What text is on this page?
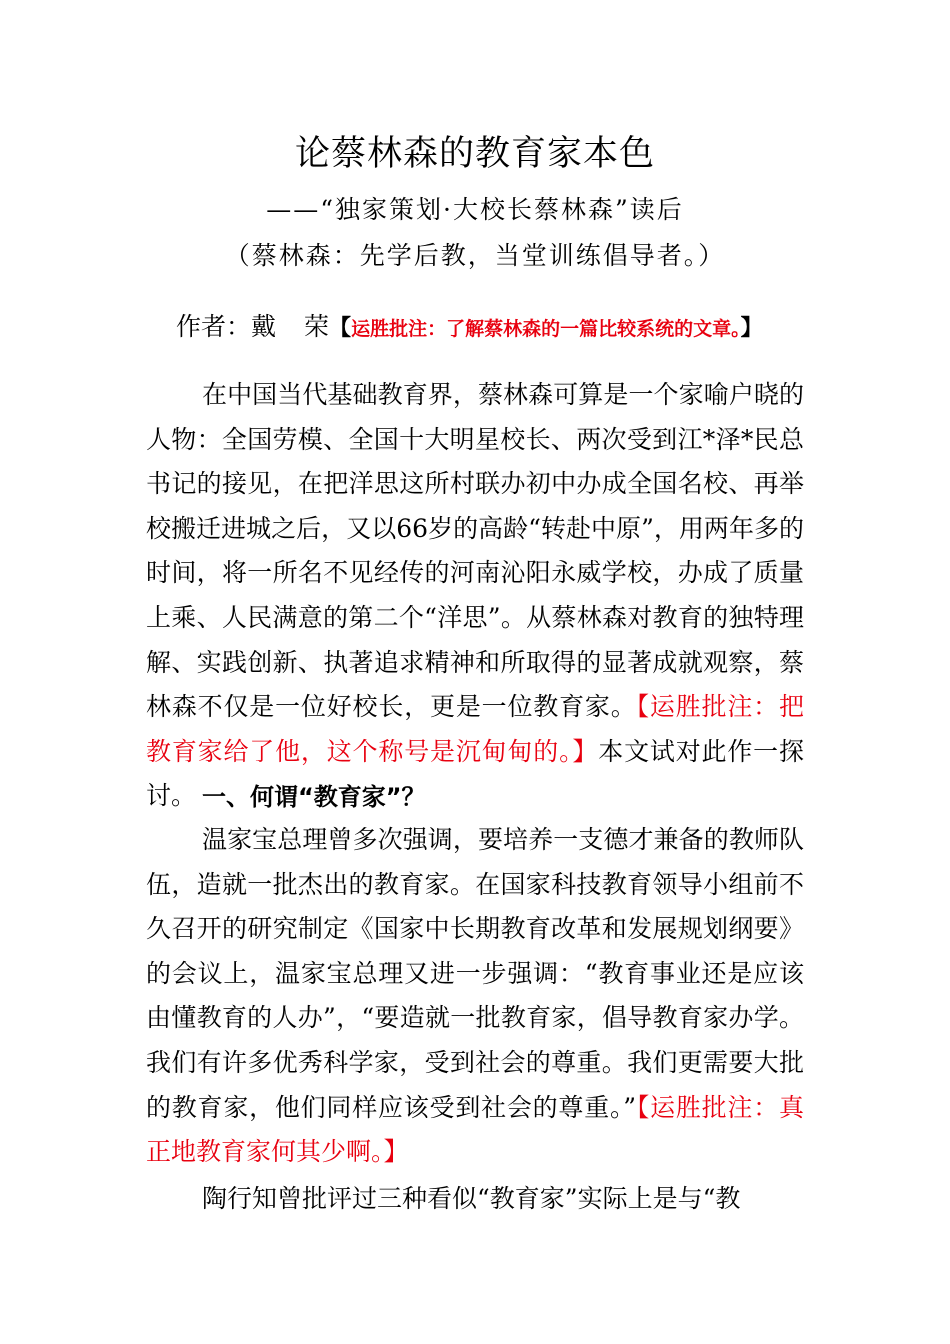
论蔡林森的教育家本色
——“独家策划·大校长蔡林森”读后
（蔡林森：先学后教，当堂训练倡导者。）
作者：戴 荣【运胜批注：了解蔡林森的一篇比较系统的文章。】
在中国当代基础教育界，蔡林森可算是一个家喻户晓的人物：全国劳模、全国十大明星校长、两次受到江*泽*民总书记的接见，在把洋思这所村联办初中办成全国名校、再举校搬迁进城之后，又以66岁的高龄“转赴中原”，用两年多的时间，将一所名不见经传的河南沁阳永威学校，办成了质量上乘、人民满意的第二个“洋思”。从蔡林森对教育的独特理解、实践创新、执著追求精神和所取得的显著成就观察，蔡林森不仅是一位好校长，更是一位教育家。【运胜批注：把教育家给了他，这个称号是沉甸甸的。】本文试对此作一探讨。 一、何谓“教育家”？
温家宝总理曾多次强调，要培养一支德才兼备的教师队伍，造就一批杰出的教育家。在国家科技教育领导小组前不久召开的研究制定《国家中长期教育改革和发展规划纲要》的会议上，温家宝总理又进一步强调：“教育事业还是应该由懂教育的人办”，“要造就一批教育家，倡导教育家办学。我们有许多优秀科学家，受到社会的尊重。我们更需要大批的教育家，他们同样应该受到社会的尊重。”【运胜批注：真正地教育家何其少啊。】
陶行知曾批评过三种看似“教育家”实际上是与“教
